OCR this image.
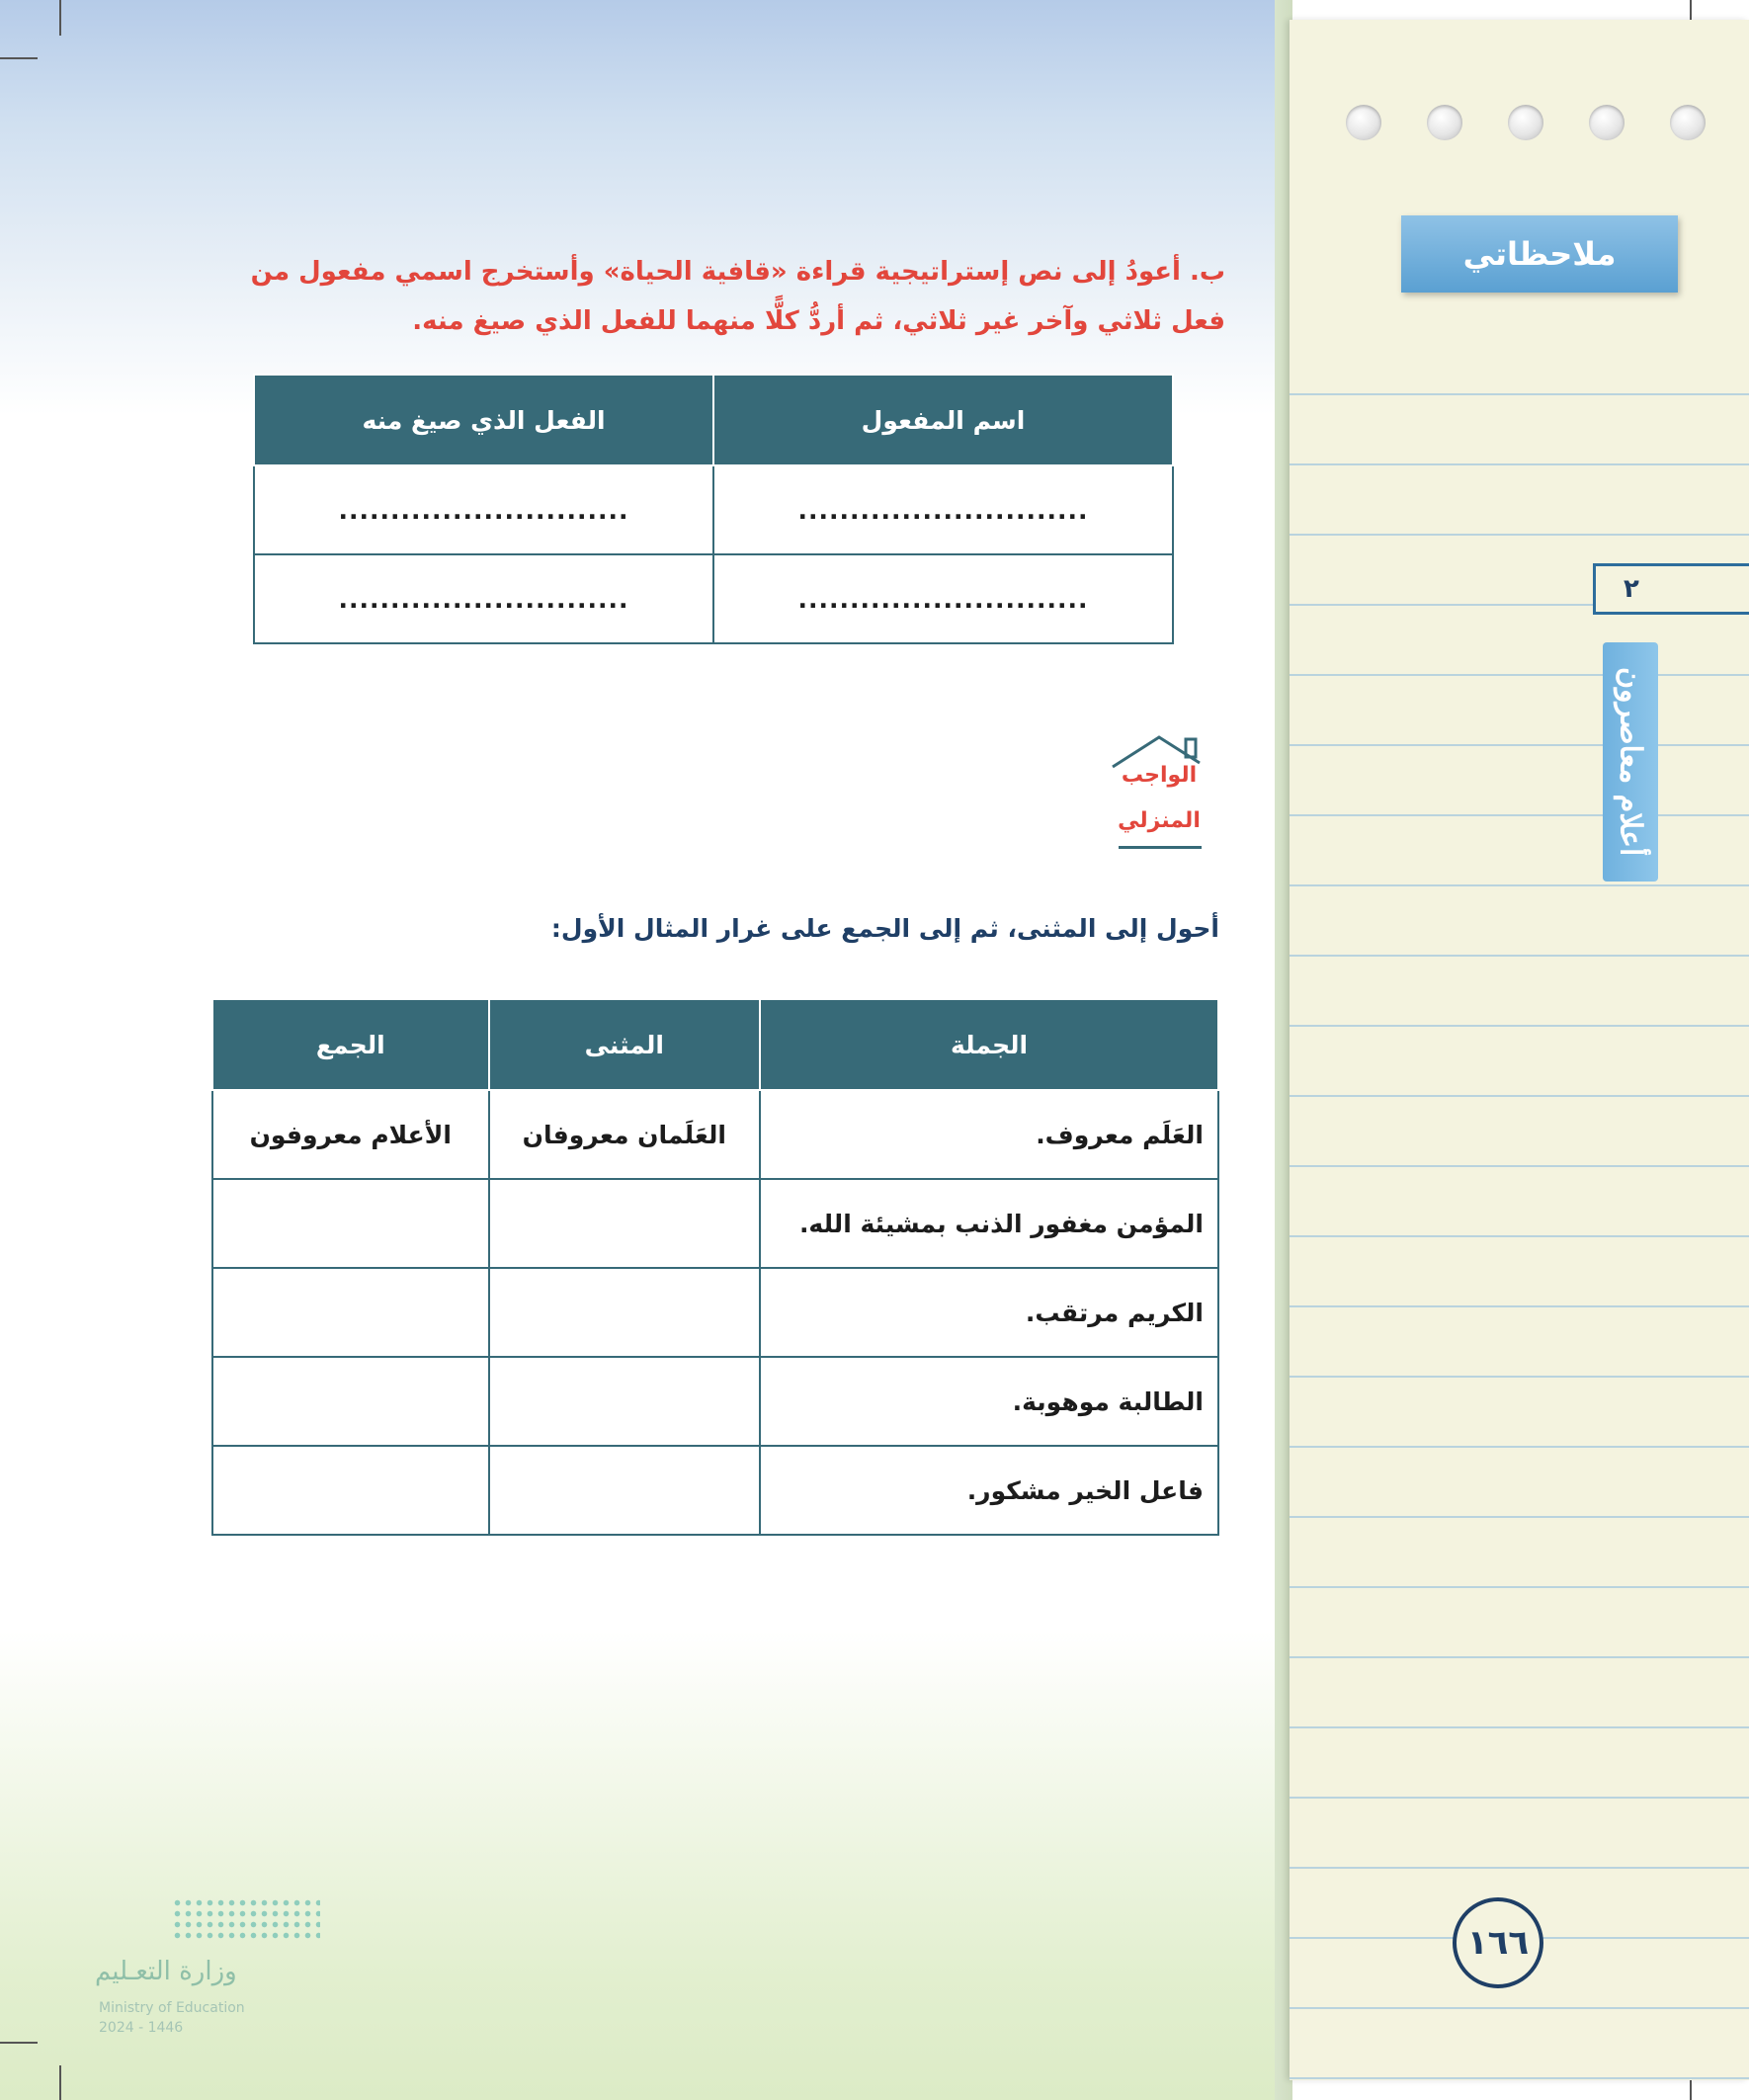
ملاحظاتي
٢
أعلام معاصرون
١٦٦
ب. أعودُ إلى نص إستراتيجية قراءة «قافية الحياة» وأستخرج اسمي مفعول من فعل ثلاثي وآخر غير ثلاثي، ثم أردُّ كلًّا منهما للفعل الذي صيغ منه.
اسم المفعول	الفعل الذي صيغ منه
............................	............................
............................	............................
الواجب
المنزلي
أحول إلى المثنى، ثم إلى الجمع على غرار المثال الأول:
الجملة	المثنى	الجمع
العَلَم معروف.	العَلَمان معروفان	الأعلام معروفون
المؤمن مغفور الذنب بمشيئة الله.		
الكريم مرتقب.		
الطالبة موهوبة.		
فاعل الخير مشكور.		
وزارة التعـليم
Ministry of Education
2024 - 1446
